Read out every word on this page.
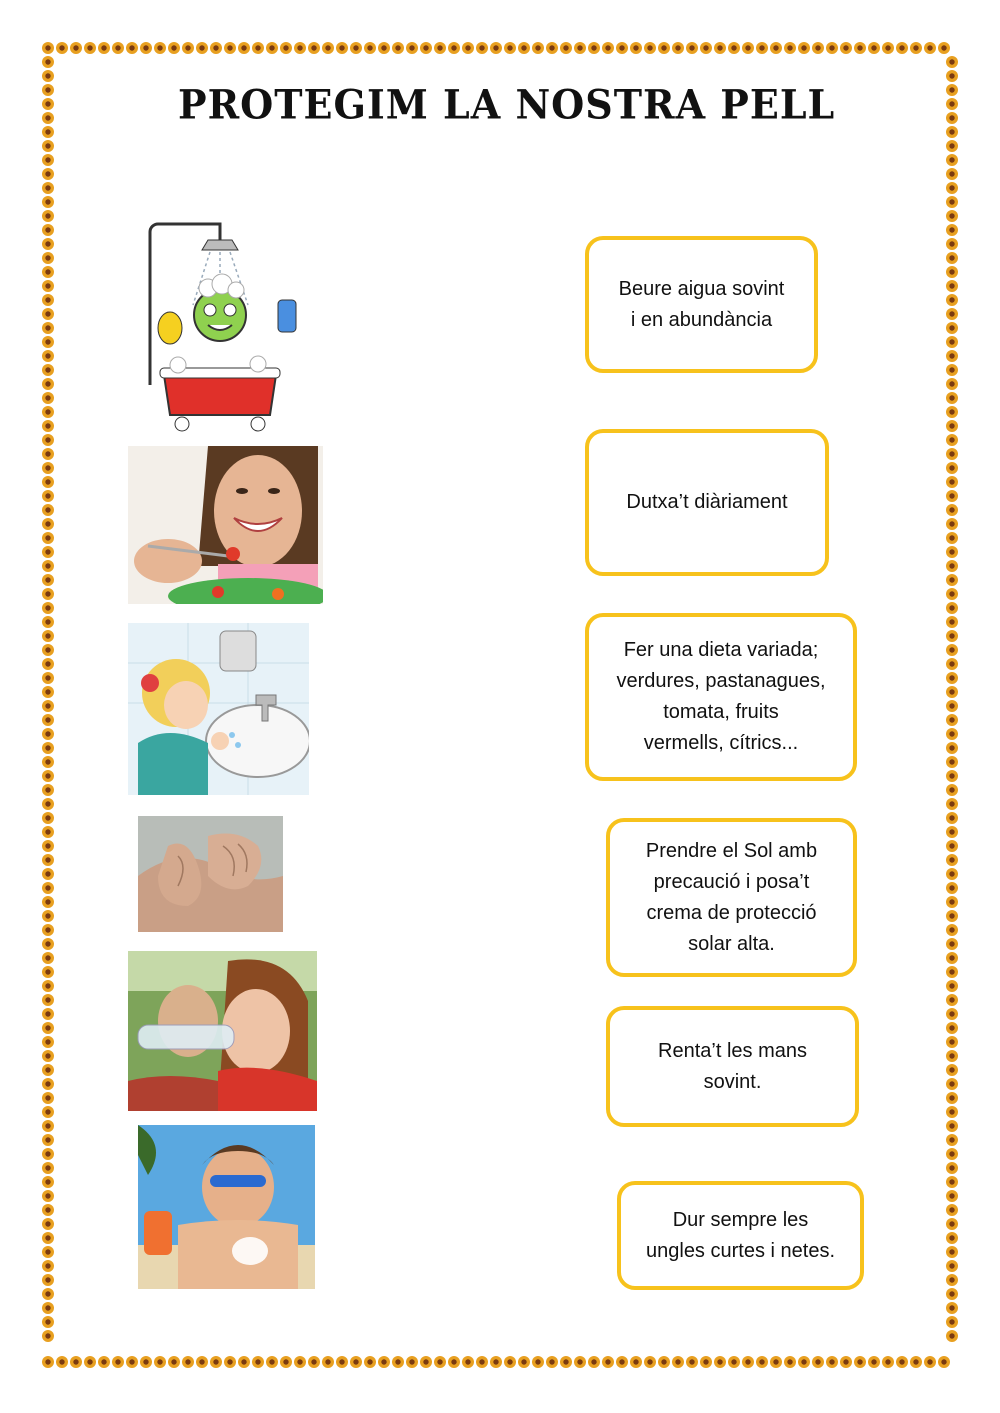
PROTEGIM LA NOSTRA PELL
Beure aigua sovint
i en abundància
Dutxa’t diàriament
Fer una dieta variada;
verdures, pastanagues,
tomata, fruits
vermells, cítrics...
Prendre el Sol amb
precaució i posa’t
crema de protecció
solar alta.
Renta’t les mans
sovint.
Dur sempre les
ungles curtes i netes.
